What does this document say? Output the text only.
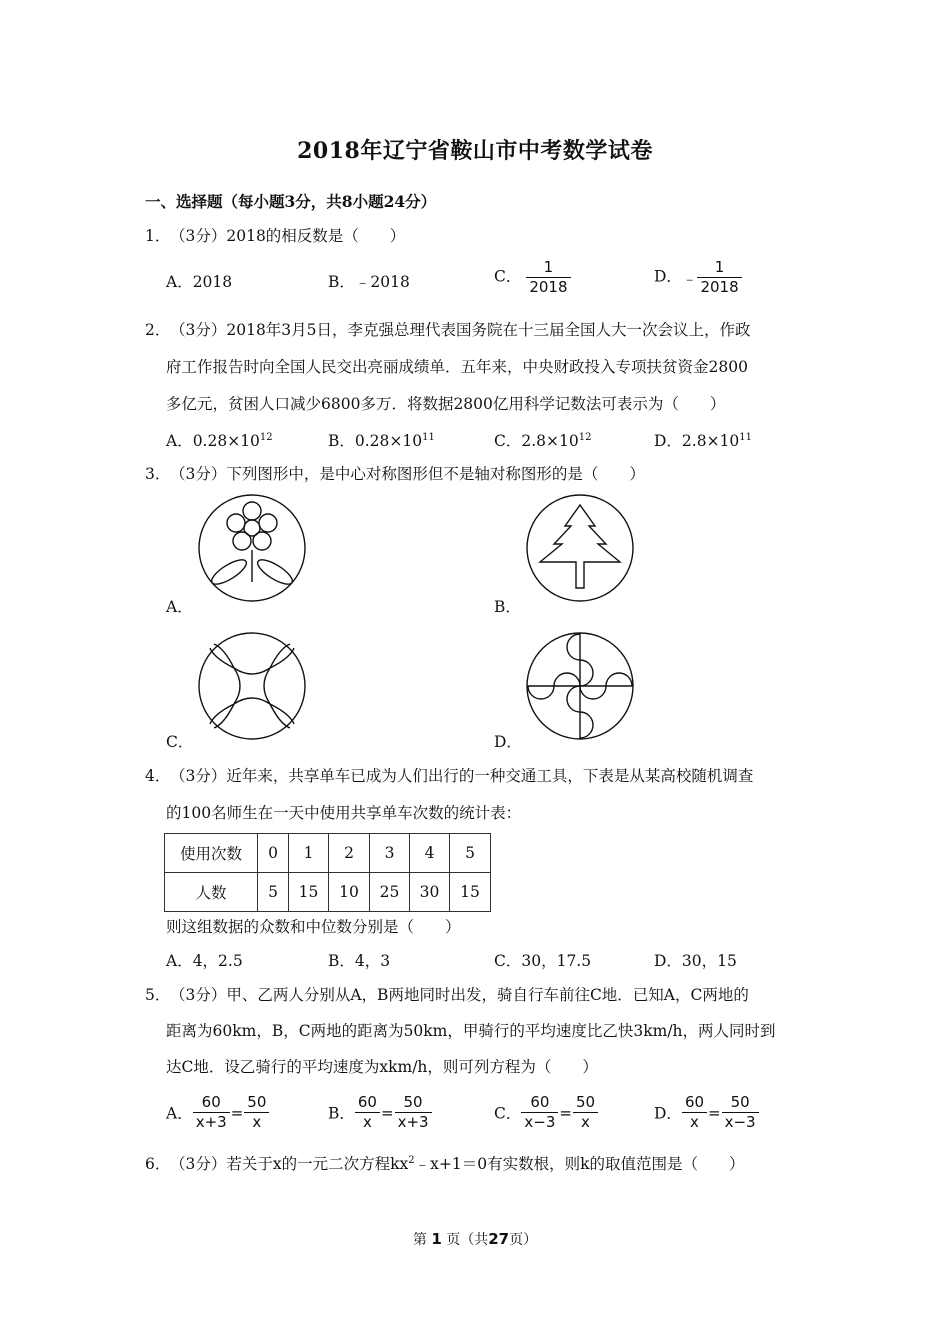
2018年辽宁省鞍山市中考数学试卷
一、选择题（每小题3分，共8小题24分）
1． （3分）2018的相反数是（　　）
A．2018	B．﹣2018	C． $\frac{1}{2018}$	D．﹣ $\frac{1}{2018}$
2． （3分）2018年3月5日，李克强总理代表国务院在十三届全国人大一次会议上，作政
府工作报告时向全国人民交出亮丽成绩单．五年来，中央财政投入专项扶贫资金2800
多亿元，贫困人口减少6800多万．将数据2800亿用科学记数法可表示为（　　）
A．$0.28\times 10^{12}$	B．$0.28\times 10^{11}$	C．$2.8\times 10^{12}$	D．$2.8\times 10^{11}$
3． （3分）下列图形中，是中心对称图形但不是轴对称图形的是（　　）
A．	B．
C．	D．
4． （3分）近年来，共享单车已成为人们出行的一种交通工具，下表是从某高校随机调查
的100名师生在一天中使用共享单车次数的统计表：
使用次数	0	1	2	3	4	5
人数	5	15	10	25	30	15
则这组数据的众数和中位数分别是（　　）
A．4，2.5	B．4，3	C．30，17.5	D．30，15
5． （3分）甲、乙两人分别从A，B两地同时出发，骑自行车前往C地．已知A，C两地的
距离为60km，B，C两地的距离为50km，甲骑行的平均速度比乙快3km/h，两人同时到
达C地．设乙骑行的平均速度为xkm/h，则可列方程为（　　）
A． $\frac{60}{x+3} = \frac{50}{x}$	B． $\frac{60}{x} = \frac{50}{x+3}$	C． $\frac{60}{x-3} = \frac{50}{x}$	D． $\frac{60}{x} = \frac{50}{x-3}$
6． （3分）若关于x的一元二次方程$kx^2﹣x+1=0$有实数根，则k的取值范围是（　　）
第 1 页（共27页）
